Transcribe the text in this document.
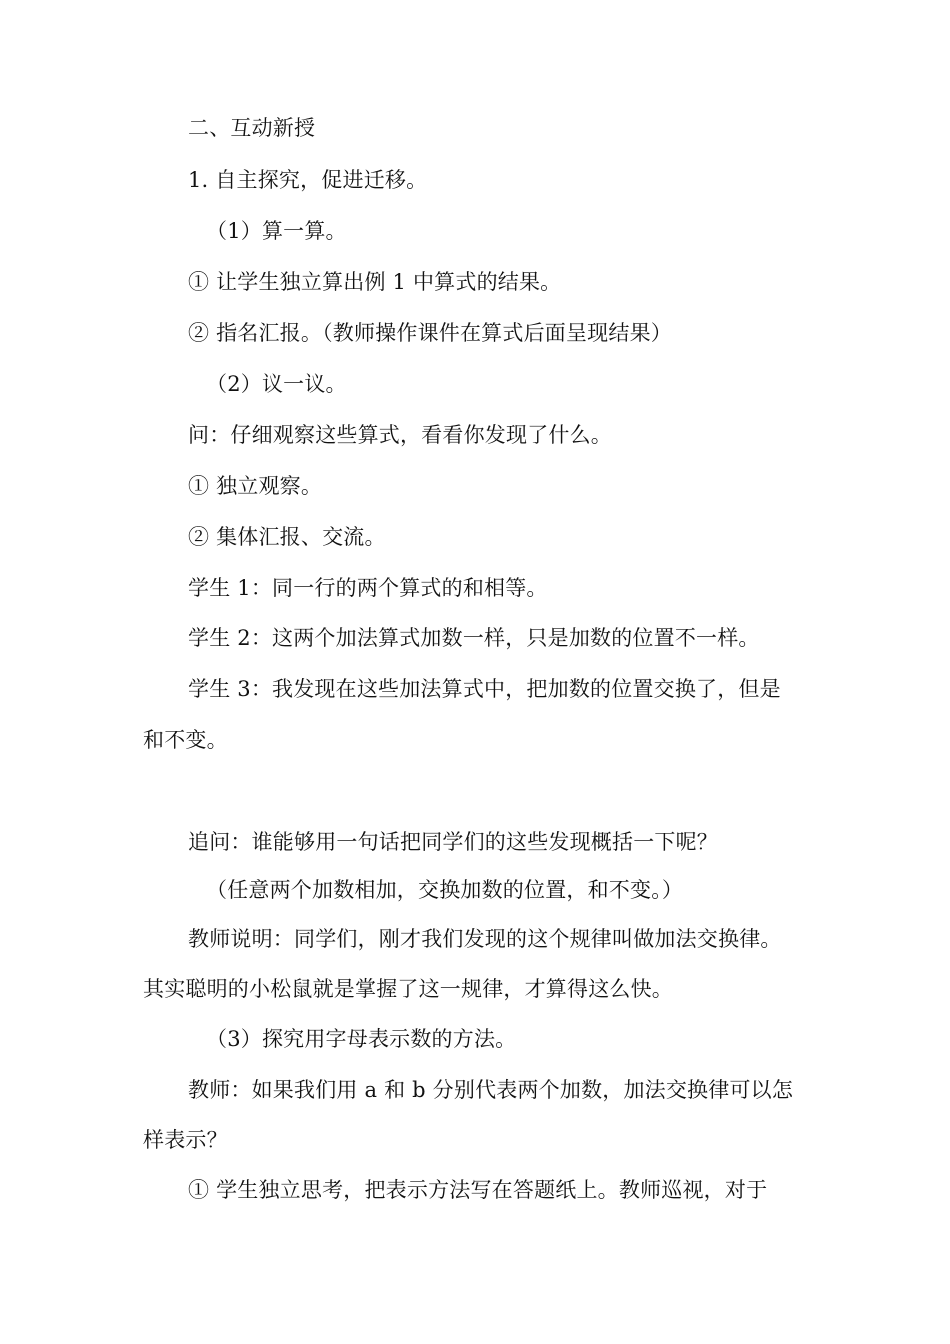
二、互动新授
1. 自主探究，促进迁移。
（1）算一算。
① 让学生独立算出例 1 中算式的结果。
② 指名汇报。（教师操作课件在算式后面呈现结果）
（2）议一议。
问：仔细观察这些算式，看看你发现了什么。
① 独立观察。
② 集体汇报、交流。
学生 1：同一行的两个算式的和相等。
学生 2：这两个加法算式加数一样，只是加数的位置不一样。
学生 3：我发现在这些加法算式中，把加数的位置交换了，但是
和不变。
追问：谁能够用一句话把同学们的这些发现概括一下呢？
（任意两个加数相加，交换加数的位置，和不变。）
教师说明：同学们，刚才我们发现的这个规律叫做加法交换律。
其实聪明的小松鼠就是掌握了这一规律，才算得这么快。
（3）探究用字母表示数的方法。
教师：如果我们用 a 和 b 分别代表两个加数，加法交换律可以怎
样表示？
① 学生独立思考，把表示方法写在答题纸上。教师巡视，对于
